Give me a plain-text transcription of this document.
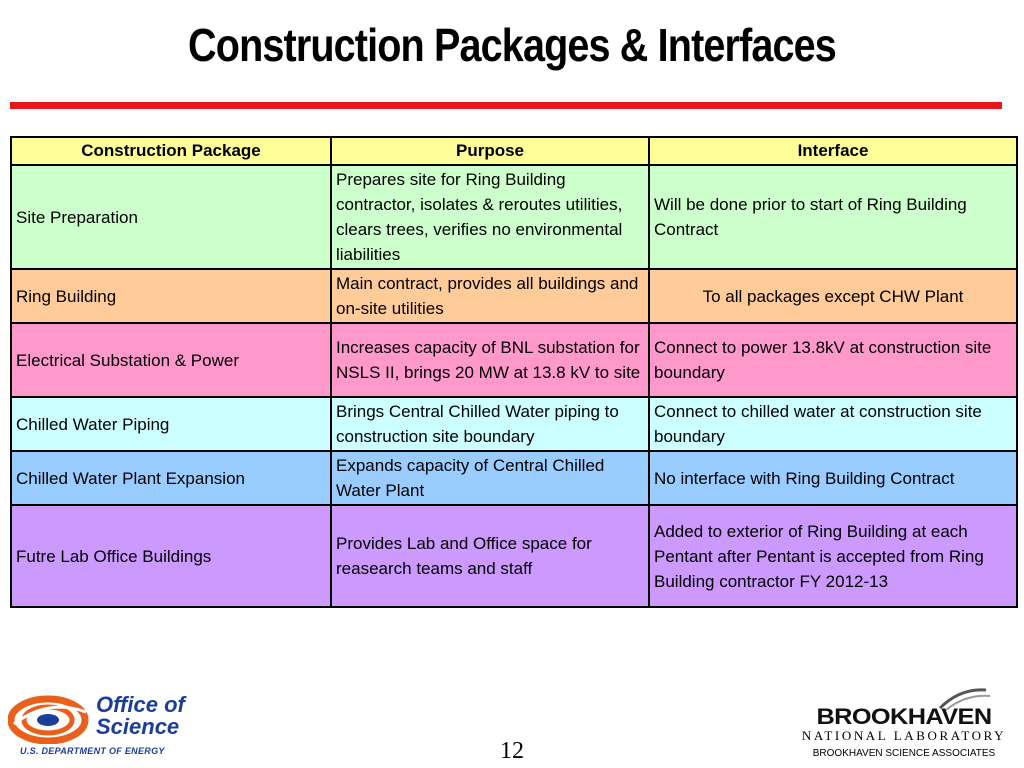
Construction Packages & Interfaces
Construction Package	Purpose	Interface
Site Preparation	Prepares site for Ring Building contractor, isolates & reroutes utilities, clears trees, verifies no environmental liabilities	Will be done prior to start of Ring Building Contract
Ring Building	Main contract, provides all buildings and on-site utilities	To all packages except CHW Plant
Electrical Substation & Power	Increases capacity of BNL substation for NSLS II, brings 20 MW at 13.8 kV to site	Connect to power 13.8kV at construction site boundary
Chilled Water Piping	Brings Central Chilled Water piping to construction site boundary	Connect to chilled water at construction site boundary
Chilled Water Plant Expansion	Expands capacity of Central Chilled Water Plant	No interface with Ring Building Contract
Futre Lab Office Buildings	Provides Lab and Office space for reasearch teams and staff	Added to exterior of Ring Building at each Pentant after Pentant is accepted from Ring Building contractor FY 2012-13
Office of
Science
U.S. DEPARTMENT OF ENERGY	12
BROOKHAVEN
NATIONAL LABORATORY
BROOKHAVEN SCIENCE ASSOCIATES
